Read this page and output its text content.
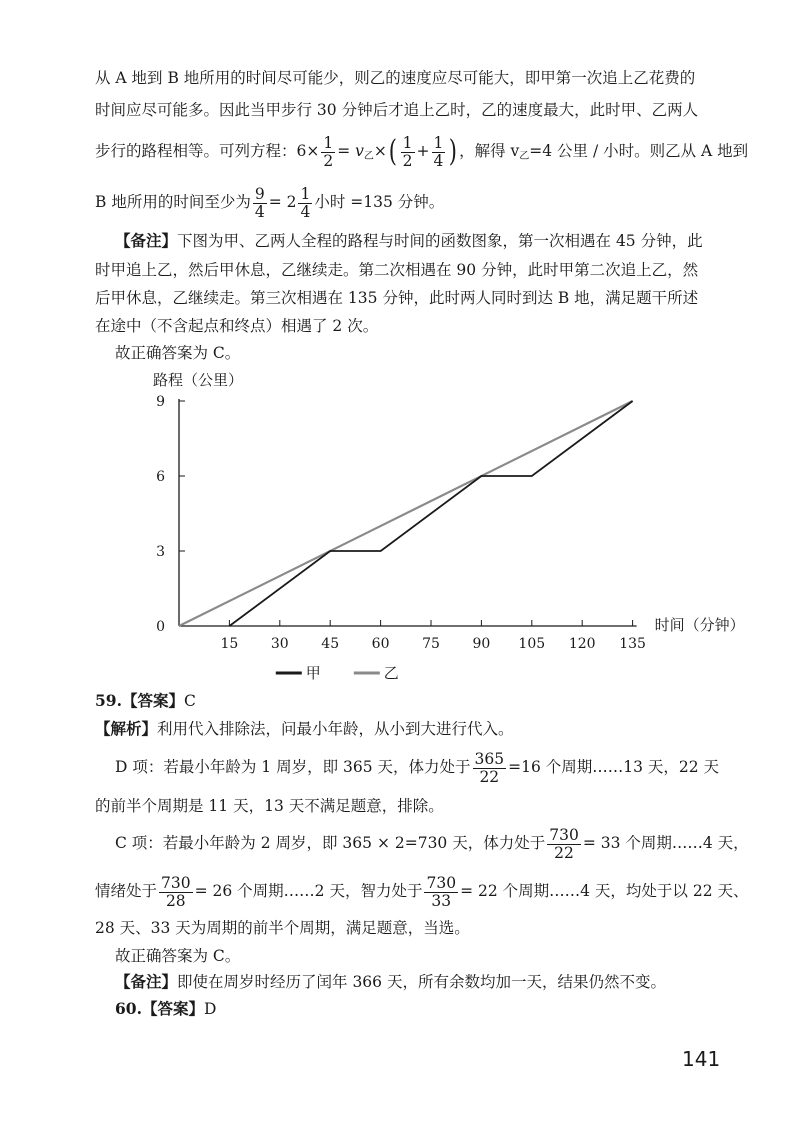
从 A 地到 B 地所用的时间尽可能少，则乙的速度应尽可能大，即甲第一次追上乙花费的
时间应尽可能多。因此当甲步行 30 分钟后才追上乙时，乙的速度最大，此时甲、乙两人
步行的路程相等。可列方程：$6\times \frac{1}{2} = v_乙\times( \frac{1}{2} + \frac{1}{4}$ ) ，解得 $v_乙=4$ 公里 / 小时。则乙从 A 地到
B 地所用的时间至少为 $\frac{9}{4} = 2 \frac{1}{4}$ 小时 =135 分钟。
【备注】下图为甲、乙两人全程的路程与时间的函数图象，第一次相遇在 45 分钟，此
时甲追上乙，然后甲休息，乙继续走。第二次相遇在 90 分钟，此时甲第二次追上乙，然
后甲休息，乙继续走。第三次相遇在 135 分钟，此时两人同时到达 B 地，满足题干所述
在途中（不含起点和终点）相遇了 2 次。
故正确答案为 C。
15 30 45 60 75 90 105 120 135
0
3
6
9
路程（公里）
时间（分钟）
甲	乙
59.【答案】C
【解析】利用代入排除法，问最小年龄，从小到大进行代入。
D 项：若最小年龄为 1 周岁，即 365 天，体力处于 $\frac{365}{22} =16$ 个周期……13 天，22 天
的前半个周期是 11 天，13 天不满足题意，排除。
C 项：若最小年龄为 2 周岁，即 365 × 2=730 天，体力处于 $\frac{730}{22} = 33$ 个周期……4 天，
情绪处于 $\frac{730}{28} = 26$ 个周期……2 天，智力处于 $\frac{730}{33} = 22$ 个周期……4 天，均处于以 22 天、
28 天、33 天为周期的前半个周期，满足题意，当选。
故正确答案为 C。
【备注】即使在周岁时经历了闰年 366 天，所有余数均加一天，结果仍然不变。
60.【答案】D
141
